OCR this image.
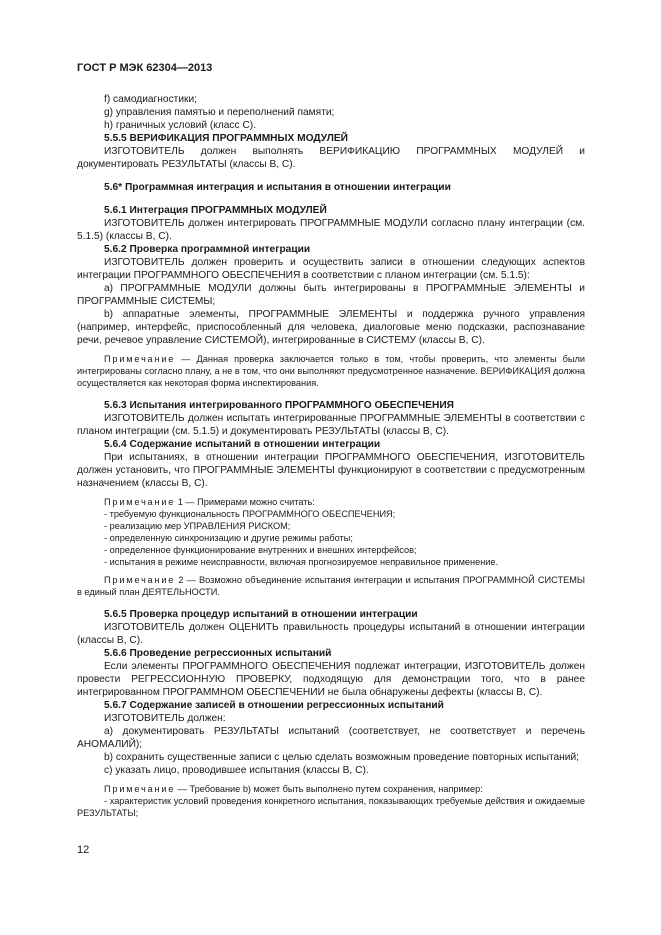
ГОСТ Р МЭК 62304—2013

f) самодиагностики;

g) управления памятью и переполнений памяти;

h) граничных условий (класс С).

5.5.5 ВЕРИФИКАЦИЯ ПРОГРАММНЫХ МОДУЛЕЙ

ИЗГОТОВИТЕЛЬ должен выполнять ВЕРИФИКАЦИЮ ПРОГРАММНЫХ МОДУЛЕЙ и документировать РЕЗУЛЬТАТЫ (классы В, С).

5.6* Программная интеграция и испытания в отношении интеграции

5.6.1 Интеграция ПРОГРАММНЫХ МОДУЛЕЙ

ИЗГОТОВИТЕЛЬ должен интегрировать ПРОГРАММНЫЕ МОДУЛИ согласно плану интеграции (см. 5.1.5) (классы В, С).

5.6.2 Проверка программной интеграции

ИЗГОТОВИТЕЛЬ должен проверить и осуществить записи в отношении следующих аспектов интеграции ПРОГРАММНОГО ОБЕСПЕЧЕНИЯ в соответствии с планом интеграции (см. 5.1.5):

а) ПРОГРАММНЫЕ МОДУЛИ должны быть интегрированы в ПРОГРАММНЫЕ ЭЛЕМЕНТЫ и ПРОГРАММНЫЕ СИСТЕМЫ;

b) аппаратные элементы, ПРОГРАММНЫЕ ЭЛЕМЕНТЫ и поддержка ручного управления (например, интерфейс, приспособленный для человека, диалоговые меню подсказки, распознавание речи, речевое управление СИСТЕМОЙ), интегрированные в СИСТЕМУ (классы В, С).

Примечание — Данная проверка заключается только в том, чтобы проверить, что элементы были интегрированы согласно плану, а не в том, что они выполняют предусмотренное назначение. ВЕРИФИКАЦИЯ должна осуществляется как некоторая форма инспектирования.

5.6.3 Испытания интегрированного ПРОГРАММНОГО ОБЕСПЕЧЕНИЯ

ИЗГОТОВИТЕЛЬ должен испытать интегрированные ПРОГРАММНЫЕ ЭЛЕМЕНТЫ в соответствии с планом интеграции (см. 5.1.5) и документировать РЕЗУЛЬТАТЫ (классы В, С).

5.6.4 Содержание испытаний в отношении интеграции

При испытаниях, в отношении интеграции ПРОГРАММНОГО ОБЕСПЕЧЕНИЯ, ИЗГОТОВИТЕЛЬ должен установить, что ПРОГРАММНЫЕ ЭЛЕМЕНТЫ функционируют в соответствии с предусмотренным назначением (классы В, С).

Примечание 1 — Примерами можно считать:

- требуемую функциональность ПРОГРАММНОГО ОБЕСПЕЧЕНИЯ;

- реализацию мер УПРАВЛЕНИЯ РИСКОМ;

- определенную синхронизацию и другие режимы работы;

- определенное функционирование внутренних и внешних интерфейсов;

- испытания в режиме неисправности, включая прогнозируемое неправильное применение.

Примечание 2 — Возможно объединение испытания интеграции и испытания ПРОГРАММНОЙ СИСТЕМЫ в единый план ДЕЯТЕЛЬНОСТИ.

5.6.5 Проверка процедур испытаний в отношении интеграции

ИЗГОТОВИТЕЛЬ должен ОЦЕНИТЬ правильность процедуры испытаний в отношении интеграции (классы В, С).

5.6.6 Проведение регрессионных испытаний

Если элементы ПРОГРАММНОГО ОБЕСПЕЧЕНИЯ подлежат интеграции, ИЗГОТОВИТЕЛЬ должен провести РЕГРЕССИОННУЮ ПРОВЕРКУ, подходящую для демонстрации того, что в ранее интегрированном ПРОГРАММНОМ ОБЕСПЕЧЕНИИ не была обнаружены дефекты (классы В, С).

5.6.7 Содержание записей в отношении регрессионных испытаний

ИЗГОТОВИТЕЛЬ должен:

а) документировать РЕЗУЛЬТАТЫ испытаний (соответствует, не соответствует и перечень АНОМАЛИЙ);

b) сохранить существенные записи с целью сделать возможным проведение повторных испытаний;

c) указать лицо, проводившее испытания (классы В, С).

Примечание — Требование b) может быть выполнено путем сохранения, например:

- характеристик условий проведения конкретного испытания, показывающих требуемые действия и ожидаемые РЕЗУЛЬТАТЫ;

12
